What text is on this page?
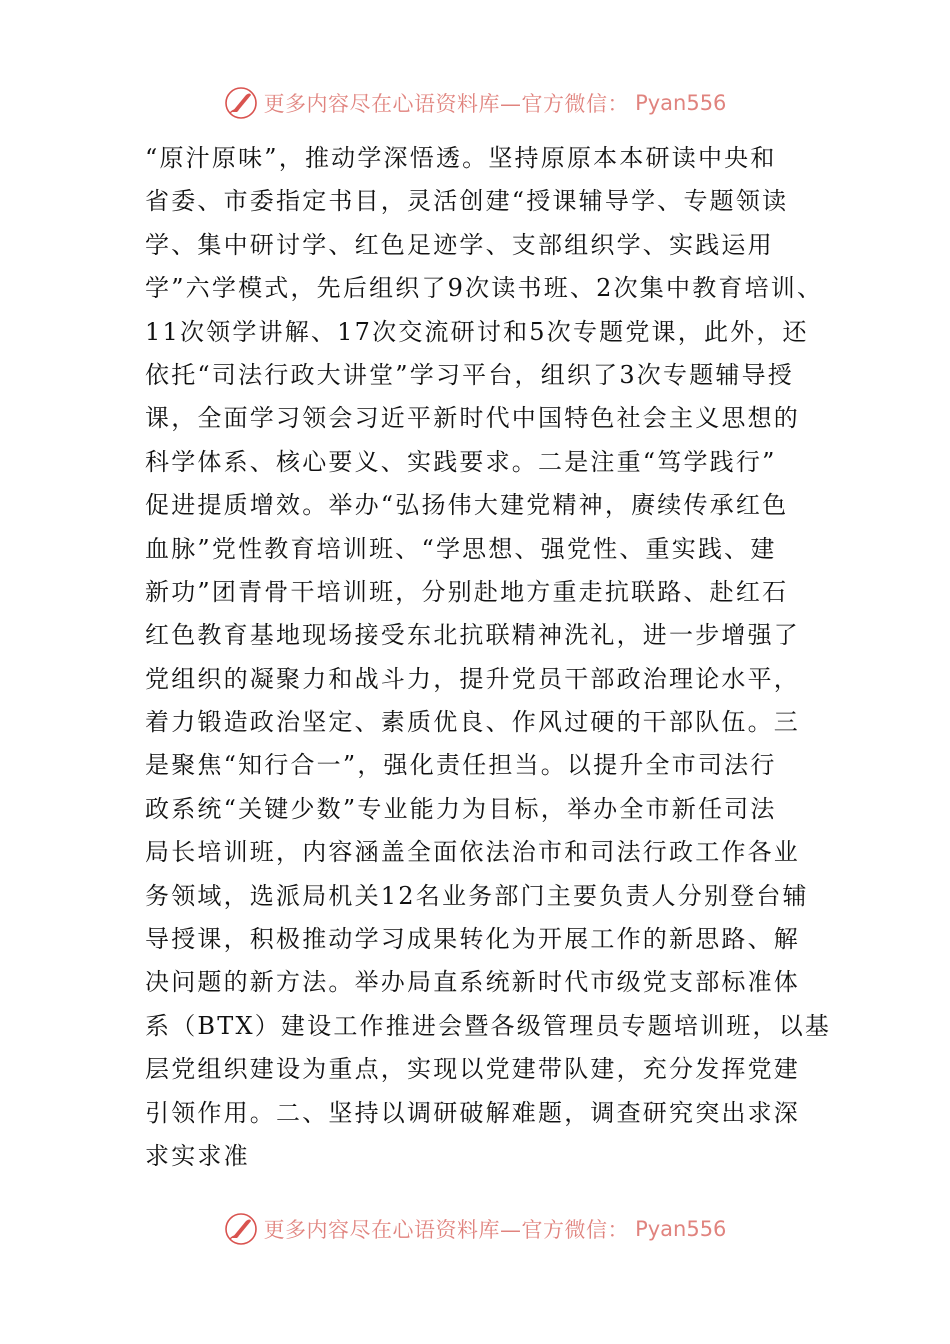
更多内容尽在心语资料库—官方微信： Pyan556
“原汁原味”，推动学深悟透。坚持原原本本研读中央和
省委、市委指定书目，灵活创建“授课辅导学、专题领读
学、集中研讨学、红色足迹学、支部组织学、实践运用
学”六学模式，先后组织了9次读书班、2次集中教育培训、
11次领学讲解、17次交流研讨和5次专题党课，此外，还
依托“司法行政大讲堂”学习平台，组织了3次专题辅导授
课，全面学习领会习近平新时代中国特色社会主义思想的
科学体系、核心要义、实践要求。二是注重“笃学践行”
促进提质增效。举办“弘扬伟大建党精神，赓续传承红色
血脉”党性教育培训班、“学思想、强党性、重实践、建
新功”团青骨干培训班，分别赴地方重走抗联路、赴红石
红色教育基地现场接受东北抗联精神洗礼，进一步增强了
党组织的凝聚力和战斗力，提升党员干部政治理论水平，
着力锻造政治坚定、素质优良、作风过硬的干部队伍。三
是聚焦“知行合一”，强化责任担当。以提升全市司法行
政系统“关键少数”专业能力为目标，举办全市新任司法
局长培训班，内容涵盖全面依法治市和司法行政工作各业
务领域，选派局机关12名业务部门主要负责人分别登台辅
导授课，积极推动学习成果转化为开展工作的新思路、解
决问题的新方法。举办局直系统新时代市级党支部标准体
系（BTX）建设工作推进会暨各级管理员专题培训班，以基
层党组织建设为重点，实现以党建带队建，充分发挥党建
引领作用。二、坚持以调研破解难题，调查研究突出求深
求实求准
更多内容尽在心语资料库—官方微信： Pyan556
